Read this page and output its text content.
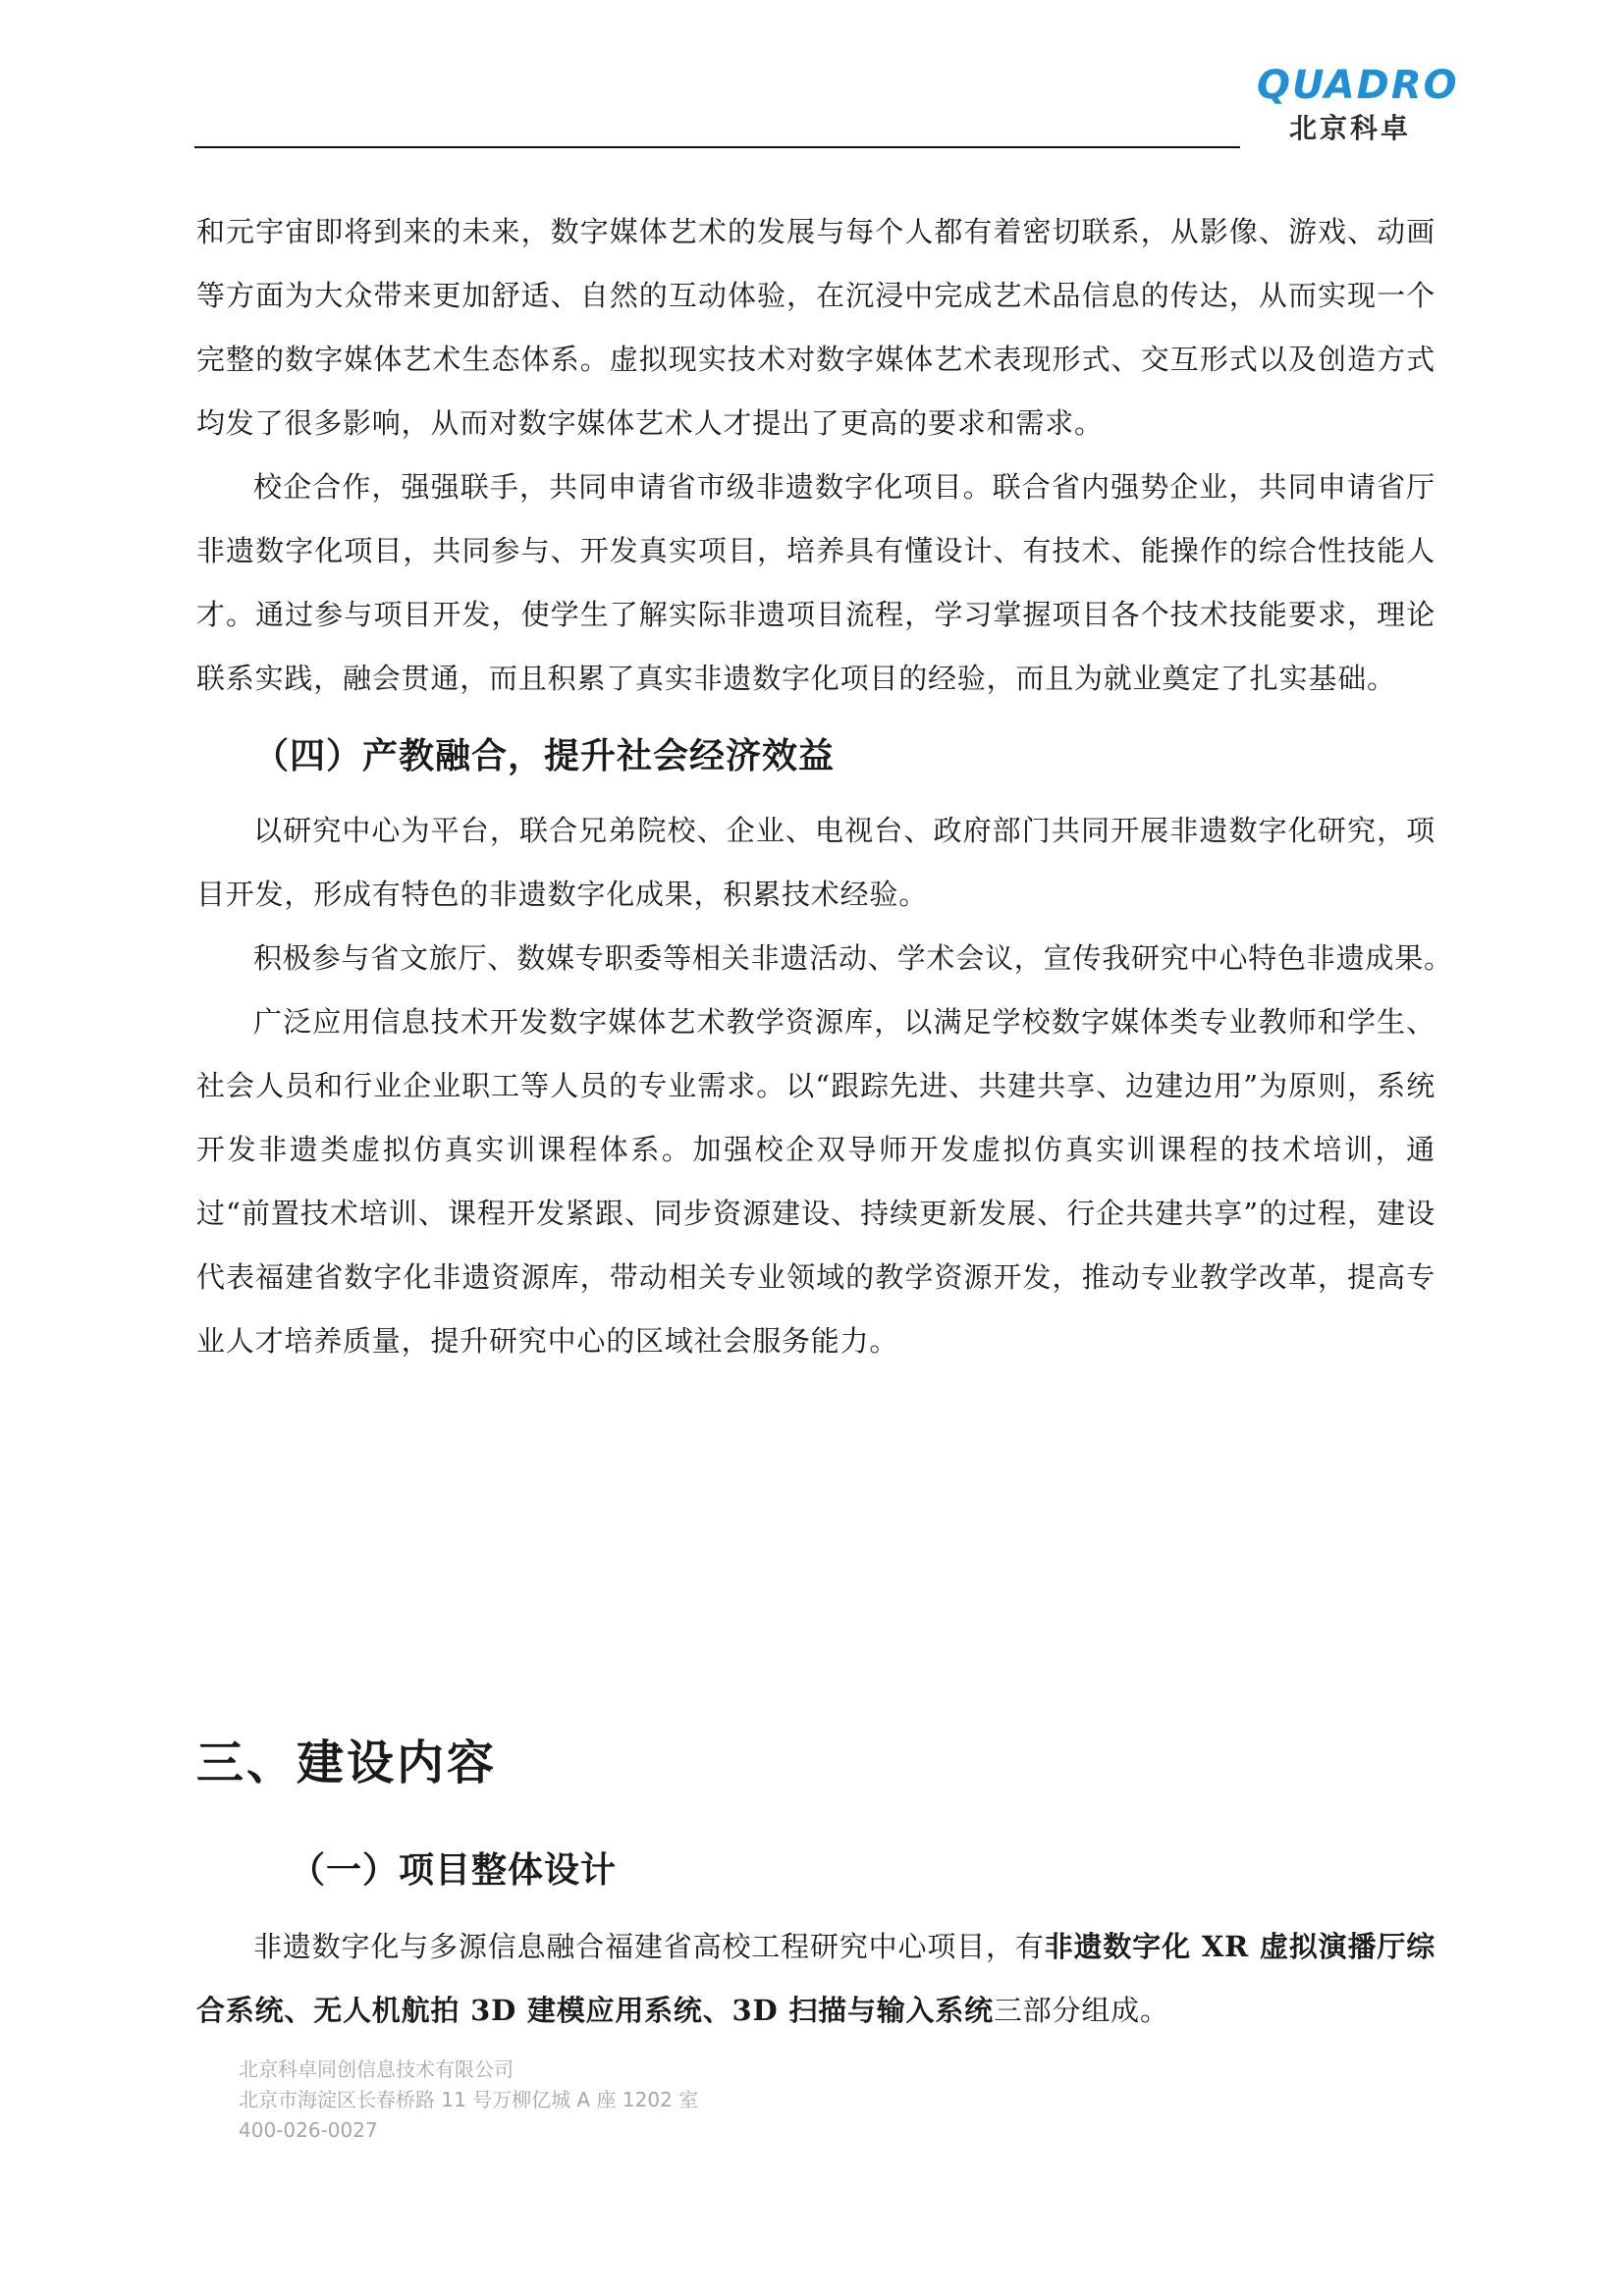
QUADRO
北京科卓

和元宇宙即将到来的未来，数字媒体艺术的发展与每个人都有着密切联系，从影像、游戏、动画等方面为大众带来更加舒适、自然的互动体验，在沉浸中完成艺术品信息的传达，从而实现一个完整的数字媒体艺术生态体系。虚拟现实技术对数字媒体艺术表现形式、交互形式以及创造方式均发了很多影响，从而对数字媒体艺术人才提出了更高的要求和需求。

校企合作，强强联手，共同申请省市级非遗数字化项目。联合省内强势企业，共同申请省厅非遗数字化项目，共同参与、开发真实项目，培养具有懂设计、有技术、能操作的综合性技能人才。通过参与项目开发，使学生了解实际非遗项目流程，学习掌握项目各个技术技能要求，理论联系实践，融会贯通，而且积累了真实非遗数字化项目的经验，而且为就业奠定了扎实基础。

（四）产教融合，提升社会经济效益

以研究中心为平台，联合兄弟院校、企业、电视台、政府部门共同开展非遗数字化研究，项目开发，形成有特色的非遗数字化成果，积累技术经验。

积极参与省文旅厅、数媒专职委等相关非遗活动、学术会议，宣传我研究中心特色非遗成果。

广泛应用信息技术开发数字媒体艺术教学资源库，以满足学校数字媒体类专业教师和学生、社会人员和行业企业职工等人员的专业需求。以“跟踪先进、共建共享、边建边用”为原则，系统开发非遗类虚拟仿真实训课程体系。加强校企双导师开发虚拟仿真实训课程的技术培训，通过“前置技术培训、课程开发紧跟、同步资源建设、持续更新发展、行企共建共享”的过程，建设代表福建省数字化非遗资源库，带动相关专业领域的教学资源开发，推动专业教学改革，提高专业人才培养质量，提升研究中心的区域社会服务能力。

三、建设内容
（一）项目整体设计

非遗数字化与多源信息融合福建省高校工程研究中心项目，有非遗数字化 XR 虚拟演播厅综合系统、无人机航拍 3D 建模应用系统、3D 扫描与输入系统三部分组成。

北京科卓同创信息技术有限公司
北京市海淀区长春桥路 11 号万柳亿城 A 座 1202 室
400-026-0027
